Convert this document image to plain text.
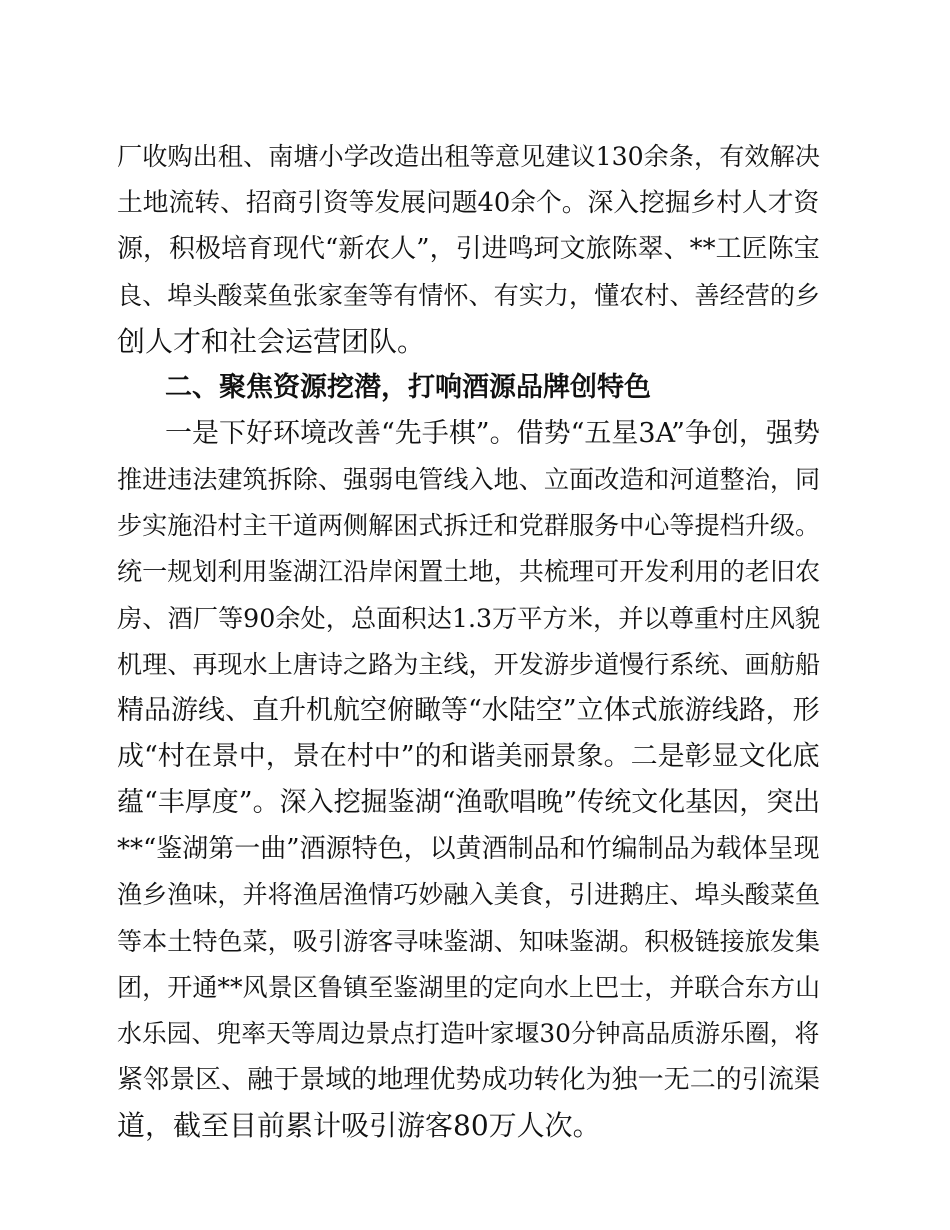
厂收购出租、南塘小学改造出租等意见建议130余条，有效解决
土地流转、招商引资等发展问题40余个。深入挖掘乡村人才资
源，积极培育现代“新农人”，引进鸣珂文旅陈翠、**工匠陈宝
良、埠头酸菜鱼张家奎等有情怀、有实力，懂农村、善经营的乡
创人才和社会运营团队。
二、聚焦资源挖潜，打响酒源品牌创特色
一是下好环境改善“先手棋”。借势“五星3A”争创，强势
推进违法建筑拆除、强弱电管线入地、立面改造和河道整治，同
步实施沿村主干道两侧解困式拆迁和党群服务中心等提档升级。
统一规划利用鉴湖江沿岸闲置土地，共梳理可开发利用的老旧农
房、酒厂等90余处，总面积达1.3万平方米，并以尊重村庄风貌
机理、再现水上唐诗之路为主线，开发游步道慢行系统、画舫船
精品游线、直升机航空俯瞰等“水陆空”立体式旅游线路，形
成“村在景中，景在村中”的和谐美丽景象。二是彰显文化底
蕴“丰厚度”。深入挖掘鉴湖“渔歌唱晚”传统文化基因，突出
**“鉴湖第一曲”酒源特色，以黄酒制品和竹编制品为载体呈现
渔乡渔味，并将渔居渔情巧妙融入美食，引进鹅庄、埠头酸菜鱼
等本土特色菜，吸引游客寻味鉴湖、知味鉴湖。积极链接旅发集
团，开通**风景区鲁镇至鉴湖里的定向水上巴士，并联合东方山
水乐园、兜率天等周边景点打造叶家堰30分钟高品质游乐圈，将
紧邻景区、融于景域的地理优势成功转化为独一无二的引流渠
道，截至目前累计吸引游客80万人次。
